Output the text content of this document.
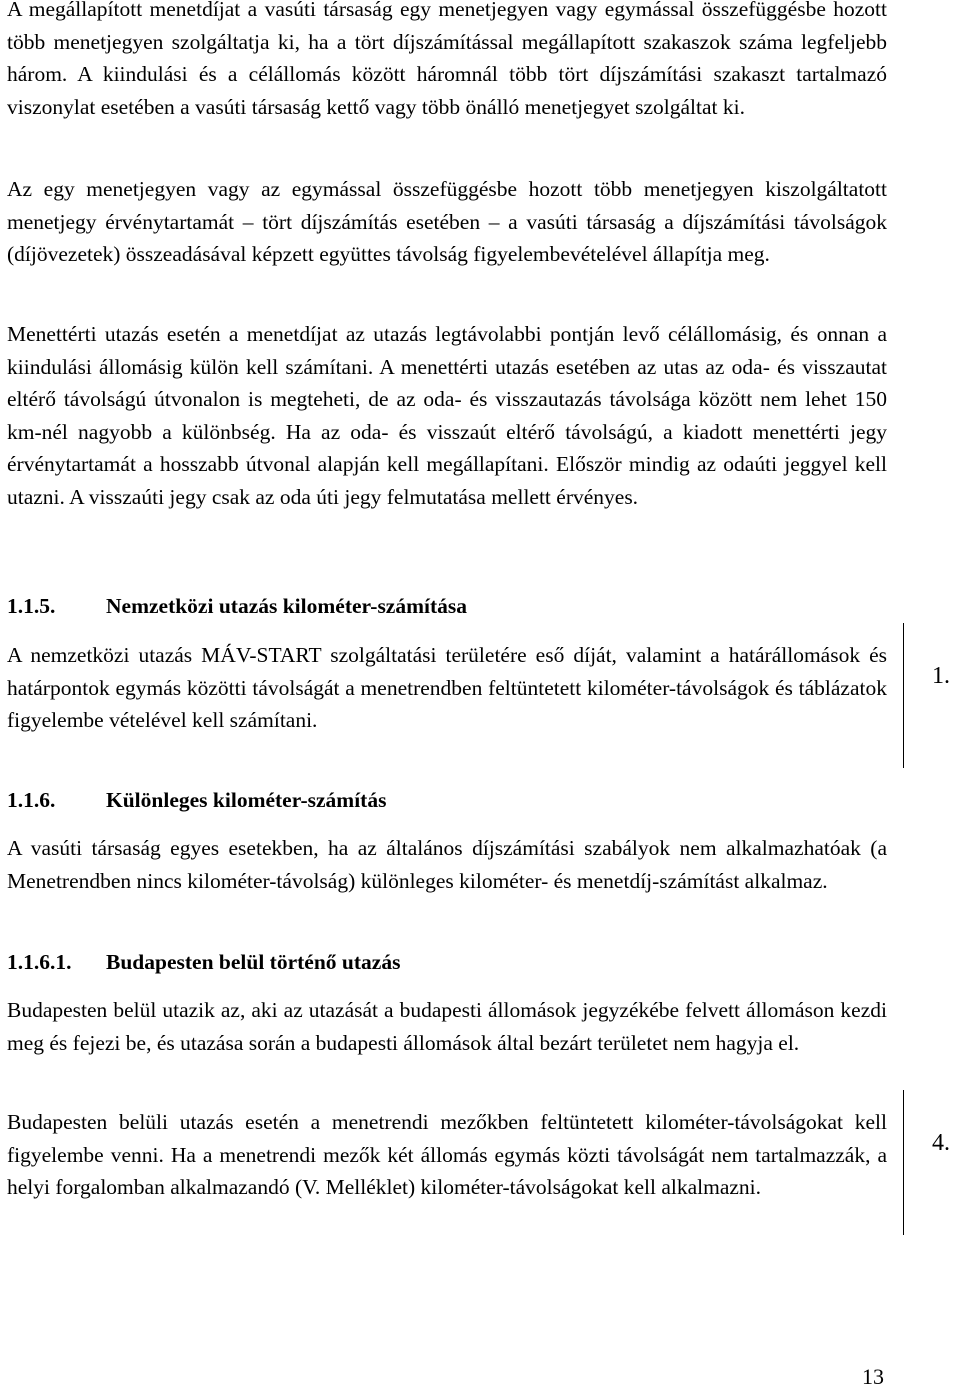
A megállapított menetdíjat a vasúti társaság egy menetjegyen vagy egymással összefüggésbe hozott több menetjegyen szolgáltatja ki, ha a tört díjszámítással megállapított szakaszok száma legfeljebb három. A kiindulási és a célállomás között háromnál több tört díjszámítási szakaszt tartalmazó viszonylat esetében a vasúti társaság kettő vagy több önálló menetjegyet szolgáltat ki.

Az egy menetjegyen vagy az egymással összefüggésbe hozott több menetjegyen kiszolgáltatott menetjegy érvénytartamát – tört díjszámítás esetében – a vasúti társaság a díjszámítási távolságok (díjövezetek) összeadásával képzett együttes távolság figyelembevételével állapítja meg.

Menettérti utazás esetén a menetdíjat az utazás legtávolabbi pontján levő célállomásig, és onnan a kiindulási állomásig külön kell számítani. A menettérti utazás esetében az utas az oda- és visszautat eltérő távolságú útvonalon is megteheti, de az oda- és visszautazás távolsága között nem lehet 150 km-nél nagyobb a különbség. Ha az oda- és visszaút eltérő távolságú, a kiadott menettérti jegy érvénytartamát a hosszabb útvonal alapján kell megállapítani. Először mindig az odaúti jeggyel kell utazni. A visszaúti jegy csak az oda úti jegy felmutatása mellett érvényes.

1.1.5. Nemzetközi utazás kilométer-számítása

A nemzetközi utazás MÁV-START szolgáltatási területére eső díját, valamint a határállomások és határpontok egymás közötti távolságát a menetrendben feltüntetett kilométer-távolságok és táblázatok figyelembe vételével kell számítani.

1.1.6. Különleges kilométer-számítás

A vasúti társaság egyes esetekben, ha az általános díjszámítási szabályok nem alkalmazhatóak (a Menetrendben nincs kilométer-távolság) különleges kilométer- és menetdíj-számítást alkalmaz.

1.1.6.1. Budapesten belül történő utazás

Budapesten belül utazik az, aki az utazását a budapesti állomások jegyzékébe felvett állomáson kezdi meg és fejezi be, és utazása során a budapesti állomások által bezárt területet nem hagyja el.

Budapesten belüli utazás esetén a menetrendi mezőkben feltüntetett kilométer-távolságokat kell figyelembe venni. Ha a menetrendi mezők két állomás egymás közti távolságát nem tartalmazzák, a helyi forgalomban alkalmazandó (V. Melléklet) kilométer-távolságokat kell alkalmazni.

1.
4.
13
